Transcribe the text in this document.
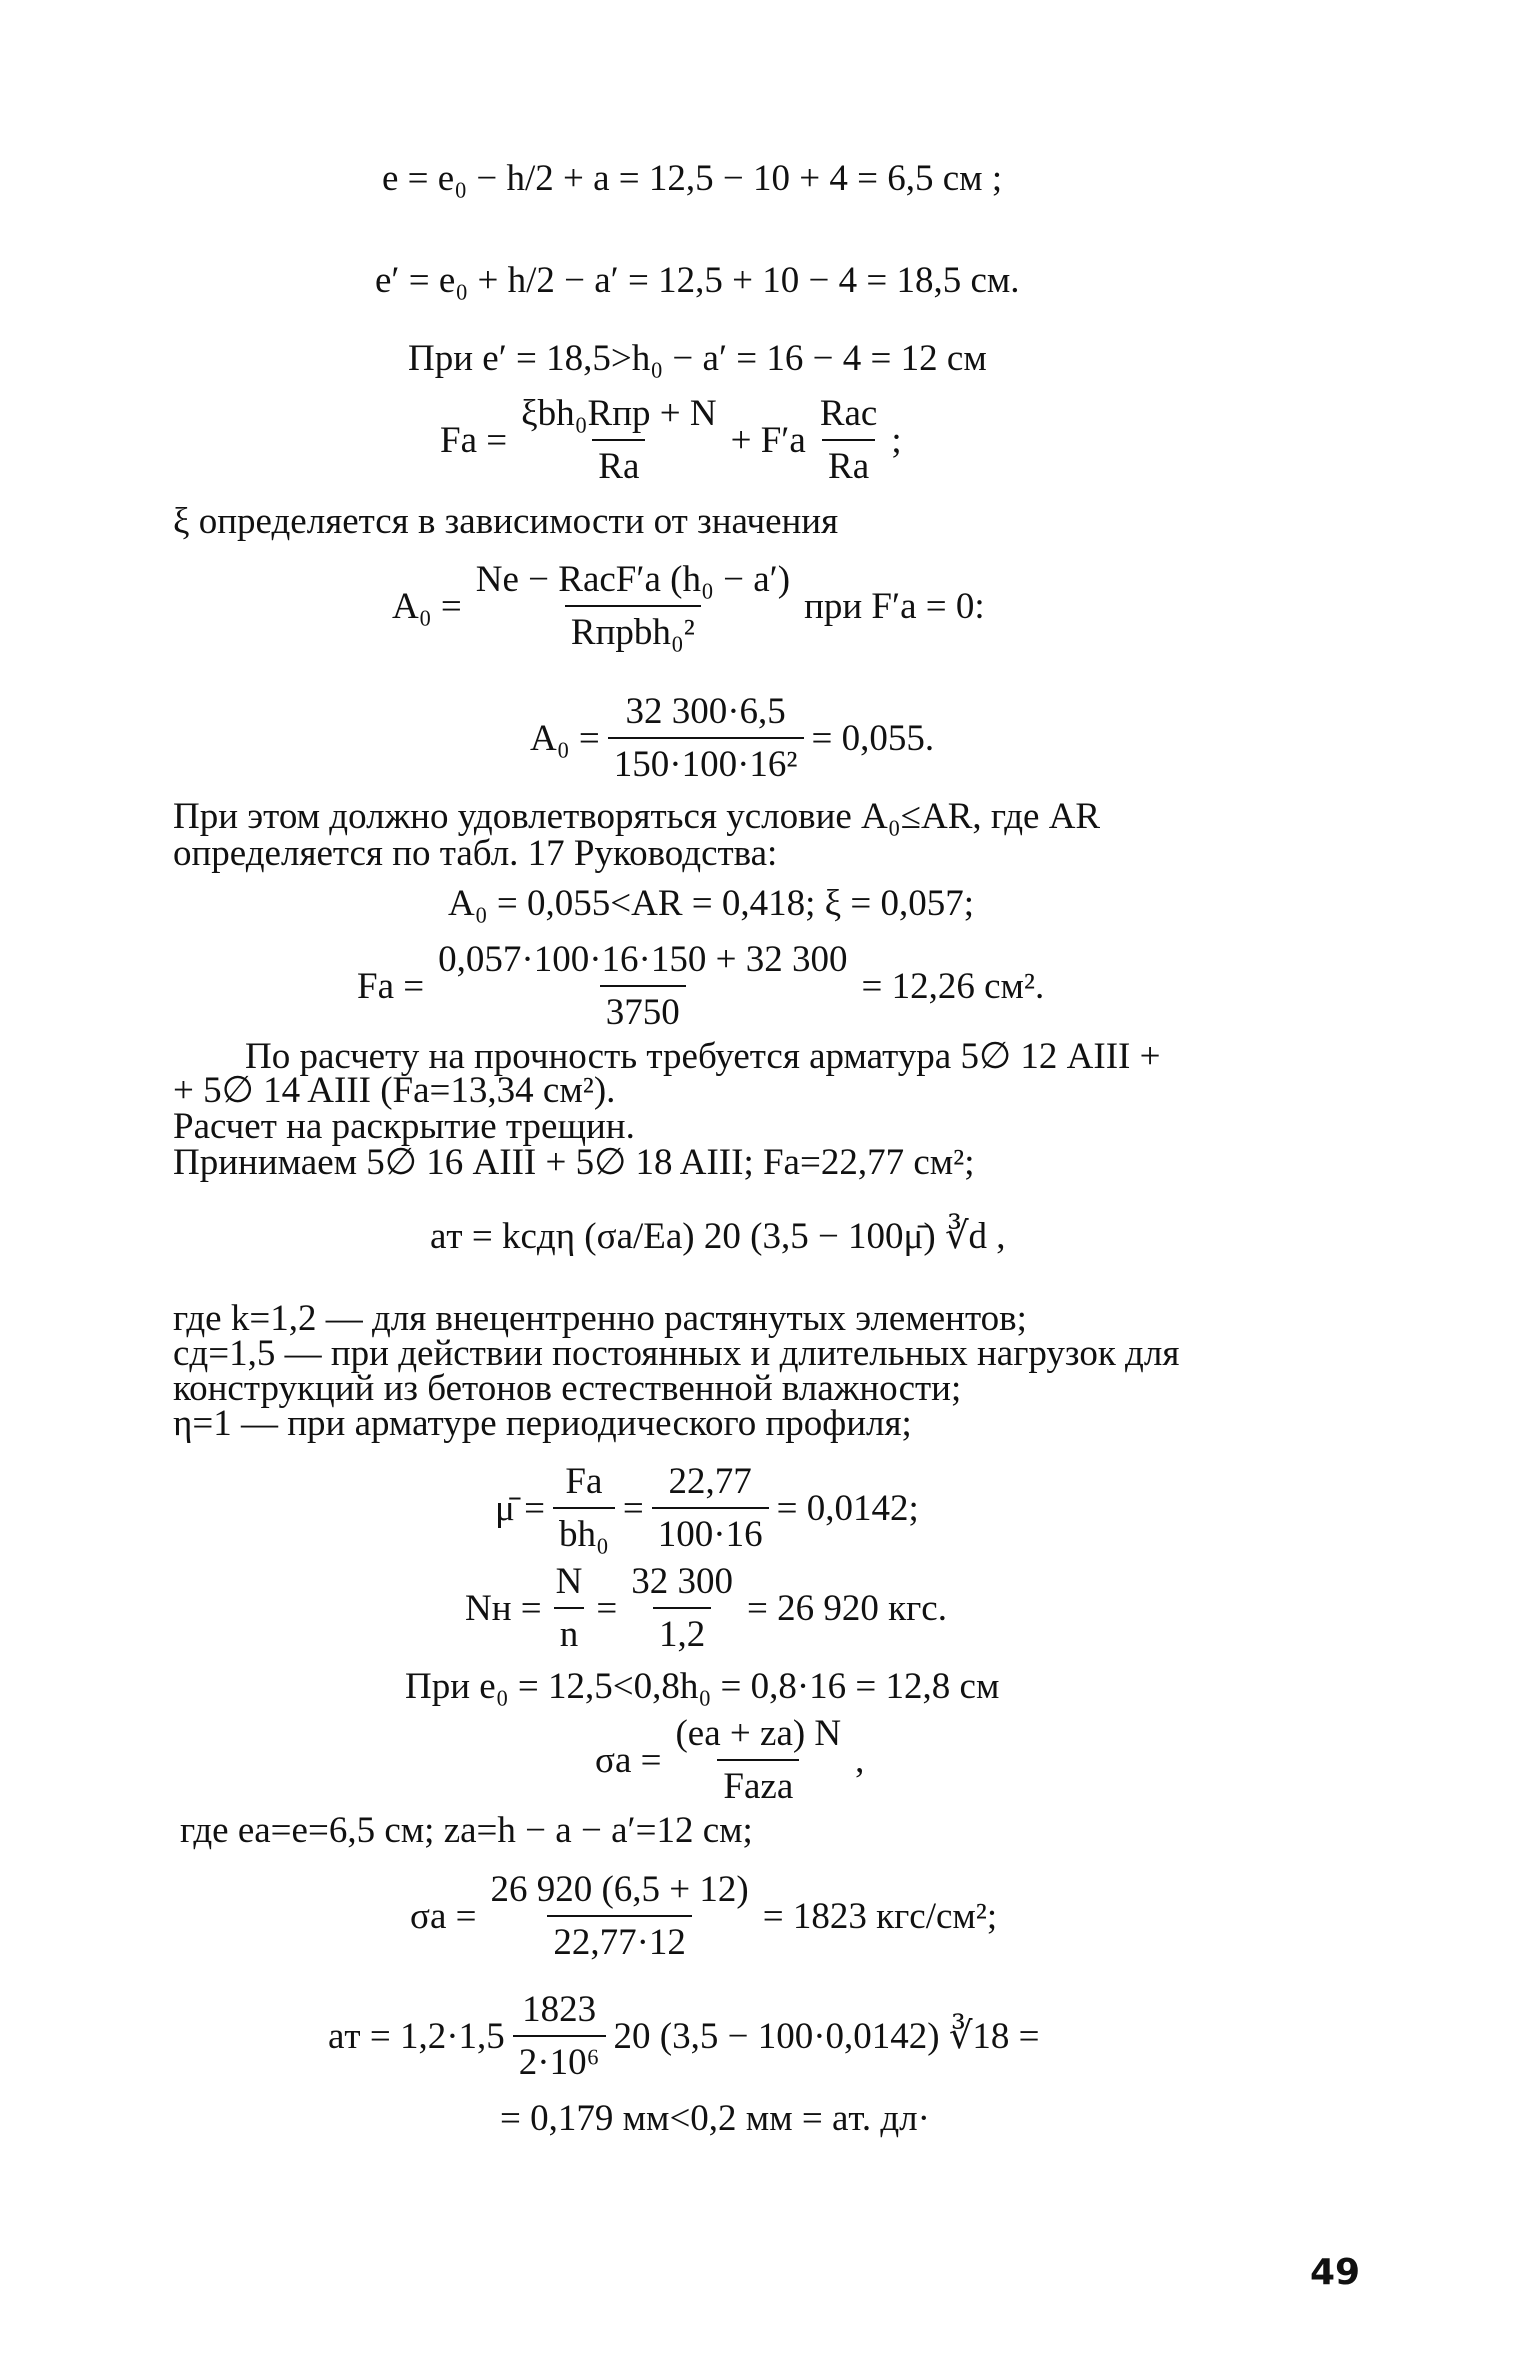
e = e₀ − h/2 + a = 12,5 − 10 + 4 = 6,5 см ;
e′ = e₀ + h/2 − a′ = 12,5 + 10 − 4 = 18,5 см.
При e′ = 18,5>h₀ − a′ = 16 − 4 = 12 см
$Fa = \frac{\text{ξbh₀Rпр + N}}{Ra} + F'a \frac{\text{Rас}}{Ra}$ ;
ξ определяется в зависимости от значения
$A_0 = \frac{\text{Ne − RасF′a (h₀ − a′)}}{\text{Rпрbh₀²}}$ при F′a = 0:
$A_0 = \frac{32 300\cdot 6,5}{\text{150·100·16²}} = 0,055$.
При этом должно удовлетворяться условие A₀≤AR, где AR
определяется по табл. 17 Руководства:
A₀ = 0,055<AR = 0,418; ξ = 0,057;
$Fa = \frac{0,057\cdot 100\cdot 16\cdot 150 + 32 300}{3750} = 12,26$ см².
По расчету на прочность требуется арматура 5∅ 12 AIII +
+ 5∅ 14 AIII (Fa=13,34 см²).
Расчет на раскрытие трещин.
Принимаем 5∅ 16 AIII + 5∅ 18 AIII; Fa=22,77 см²;
aт = kcдη (σa/Ea) 20 (3,5 − 100μ̄) ∛d ,
где k=1,2 — для внецентренно растянутых элементов;
cд=1,5 — при действии постоянных и длительных нагрузок для
конструкций из бетонов естественной влажности;
η=1 — при арматуре периодического профиля;
μ̄ = $\frac{Fa}{\text{bh₀}} = \frac{22,77}{100\cdot 16} = 0,0142$;
Nн = $\frac{N}{n} = \frac{32 300}{1,2} = 26$ 920 кгс.
При e₀ = 12,5<0,8h₀ = 0,8·16 = 12,8 см
$\sigma a = \frac{(ea + za) N}{\text{Faza}}$ ,
где ea=e=6,5 см; za=h − a − a′=12 см;
$\sigma a = \frac{26 920 (6,5 + 12)}{22,77\cdot 12} = 1823$ кгс/см²;
aт = $1,2\cdot 1,5 \frac{1823}{\text{2·10⁶}} 20$ (3,5 − 100·0,0142) ∛18 =
= 0,179 мм<0,2 мм = aт. дл·
49
